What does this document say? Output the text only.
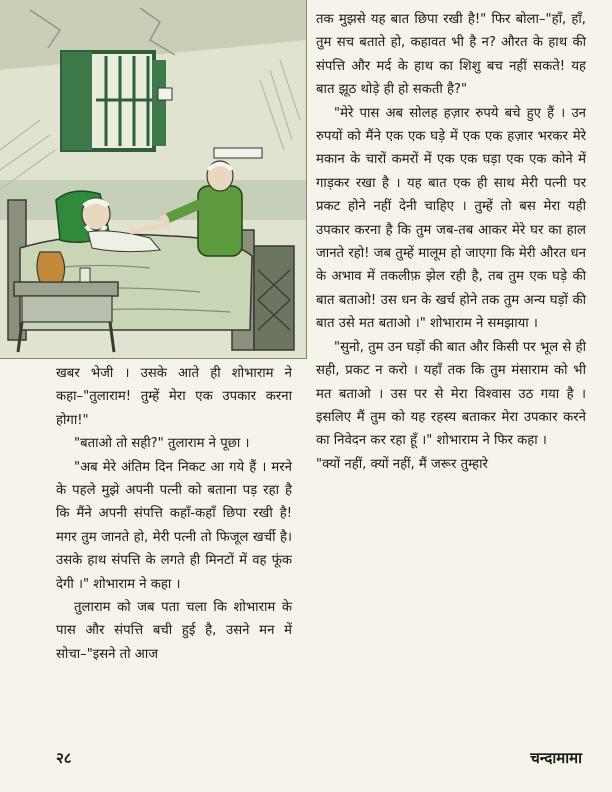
खबर भेजी । उसके आते ही शोभाराम ने कहा–"तुलाराम! तुम्हें मेरा एक उपकार करना होगा!"

"बताओ तो सही?" तुलाराम ने पूछा ।

"अब मेरे अंतिम दिन निकट आ गये हैं । मरने के पहले मुझे अपनी पत्नी को बताना पड़ रहा है कि मैंने अपनी संपत्ति कहाँ-कहाँ छिपा रखी है! मगर तुम जानते हो, मेरी पत्नी तो फिजूल खर्ची है। उसके हाथ संपत्ति के लगते ही मिनटों में वह फूंक देगी ।" शोभाराम ने कहा ।

तुलाराम को जब पता चला कि शोभाराम के पास और संपत्ति बची हुई है, उसने मन में सोचा–"इसने तो आज

तक मुझसे यह बात छिपा रखी है!" फिर बोला–"हाँ, हाँ, तुम सच बताते हो, कहावत भी है न? औरत के हाथ की संपत्ति और मर्द के हाथ का शिशु बच नहीं सकते! यह बात झूठ थोड़े ही हो सकती है?"

"मेरे पास अब सोलह हज़ार रुपये बचे हुए हैं । उन रुपयों को मैंने एक एक घड़े में एक एक हज़ार भरकर मेरे मकान के चारों कमरों में एक एक घड़ा एक एक कोने में गाड़कर रखा है । यह बात एक ही साथ मेरी पत्नी पर प्रकट होने नहीं देनी चाहिए । तुम्हें तो बस मेरा यही उपकार करना है कि तुम जब-तब आकर मेरे घर का हाल जानते रहो! जब तुम्हें मालूम हो जाएगा कि मेरी औरत धन के अभाव में तकलीफ़ झेल रही है, तब तुम एक घड़े की बात बताओ! उस धन के खर्च होने तक तुम अन्य घड़ों की बात उसे मत बताओ ।" शोभाराम ने समझाया ।

"सुनो, तुम उन घड़ों की बात और किसी पर भूल से ही सही, प्रकट न करो । यहाँ तक कि तुम मंसाराम को भी मत बताओ । उस पर से मेरा विश्वास उठ गया है । इसलिए मैं तुम को यह रहस्य बताकर मेरा उपकार करने का निवेदन कर रहा हूँ ।" शोभाराम ने फिर कहा ।

"क्यों नहीं, क्यों नहीं, मैं जरूर तुम्हारे

२८	चन्दामामा
